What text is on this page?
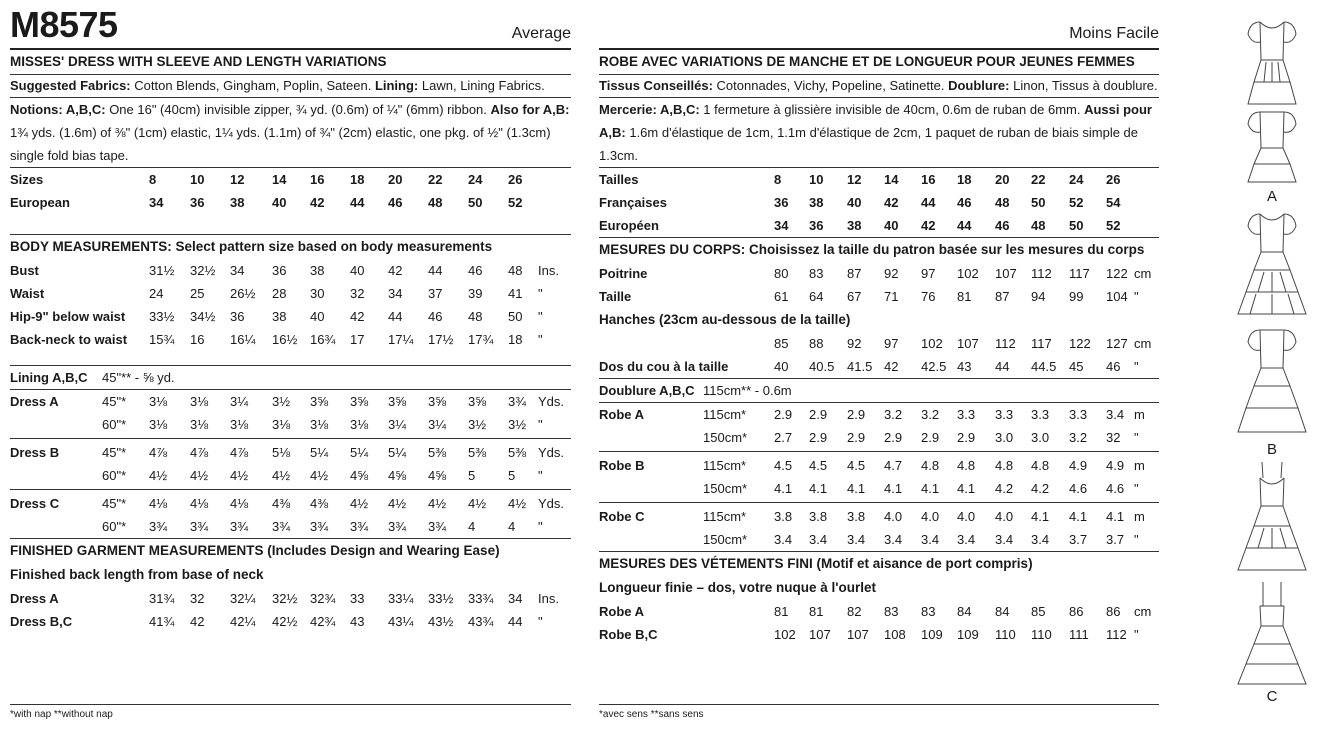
M8575	Average
MISSES' DRESS WITH SLEEVE AND LENGTH VARIATIONS
Suggested Fabrics: Cotton Blends, Gingham, Poplin, Sateen. Lining: Lawn, Lining Fabrics.
Notions: A,B,C: One 16" (40cm) invisible zipper, ¾ yd. (0.6m) of ¼" (6mm) ribbon. Also for A,B:
1¾ yds. (1.6m) of ⅜" (1cm) elastic, 1¼ yds. (1.1m) of ¾" (2cm) elastic, one pkg. of ½" (1.3cm)
single fold bias tape.
Sizes	8	10 12 14 16 18 20 22 24 26
European	34 36 38 40 42 44 46 48 50 52
BODY MEASUREMENTS: Select pattern size based on body measurements
Bust	31½ 32½ 34 36 38 40 42 44 46 48 Ins.
Waist	24 25 26½ 28 30 32 34 37 39 41 "
Hip-9" below waist 33½ 34½ 36 38 40 42 44 46 48 50 "
Back-neck to waist 15¾ 16 16¼ 16½ 16¾ 17 17¼ 17½ 17¾ 18 "
Lining A,B,C 45"** - ⅝ yd.
Dress A	45"* 3⅛ 3⅛ 3¼ 3½ 3⅝ 3⅝ 3⅝ 3⅝ 3⅝ 3¾ Yds.
60"* 3⅛ 3⅛ 3⅛ 3⅛ 3⅛ 3⅛ 3¼ 3¼ 3½ 3½ "
Dress B	45"* 4⅞ 4⅞ 4⅞ 5⅛ 5¼ 5¼ 5¼ 5⅜ 5⅜ 5⅜ Yds.
60"* 4½ 4½ 4½ 4½ 4½ 4⅝ 4⅝ 4⅝ 5	5 "
Dress C	45"* 4⅛ 4⅛ 4⅛ 4⅜ 4⅜ 4½ 4½ 4½ 4½ 4½ Yds.
60"* 3¾ 3¾ 3¾ 3¾ 3¾ 3¾ 3¾ 3¾ 4	4 "
FINISHED GARMENT MEASUREMENTS (Includes Design and Wearing Ease)
Finished back length from base of neck
Dress A	31¾ 32 32¼ 32½ 32¾ 33 33¼ 33½ 33¾ 34 Ins.
Dress B,C	41¾ 42 42¼ 42½ 42¾ 43 43¼ 43½ 43¾ 44 "
*with nap **without nap
Moins Facile
ROBE AVEC VARIATIONS DE MANCHE ET DE LONGUEUR POUR JEUNES FEMMES
Tissus Conseillés: Cotonnades, Vichy, Popeline, Satinette. Doublure: Linon, Tissus à doublure.
Mercerie: A,B,C: 1 fermeture à glissière invisible de 40cm, 0.6m de ruban de 6mm. Aussi pour
A,B: 1.6m d'élastique de 1cm, 1.1m d'élastique de 2cm, 1 paquet de ruban de biais simple de
1.3cm.
Tailles	8 10 12 14 16 18 20 22 24 26
Françaises	36 38 40 42 44 46 48 50 52 54
Européen	34 36 38 40 42 44 46 48 50 52
MESURES DU CORPS: Choisissez la taille du patron basée sur les mesures du corps
Poitrine	80 83 87 92 97 102 107 112 117 122 cm
Taille	61 64 67 71 76 81 87 94 99 104 "
Hanches (23cm au-dessous de la taille)
85 88 92 97 102 107 112 117 122 127 cm
Dos du cou à la taille	40 40.5 41.5 42 42.5 43 44 44.5 45 46 "
Doublure A,B,C 115cm** - 0.6m
Robe A	115cm* 2.9 2.9 2.9 3.2 3.2 3.3 3.3 3.3 3.3 3.4 m
150cm* 2.7 2.9 2.9 2.9 2.9 2.9 3.0 3.0 3.2 32 "
Robe B	115cm* 4.5 4.5 4.5 4.7 4.8 4.8 4.8 4.8 4.9 4.9 m
150cm* 4.1 4.1 4.1 4.1 4.1 4.1 4.2 4.2 4.6 4.6 "
Robe C	115cm* 3.8 3.8 3.8 4.0 4.0 4.0 4.0 4.1 4.1 4.1 m
150cm* 3.4 3.4 3.4 3.4 3.4 3.4 3.4 3.4 3.7 3.7 "
MESURES DES VÉTEMENTS FINI (Motif et aisance de port compris)
Longueur finie – dos, votre nuque à l'ourlet
Robe A	81 81 82 83 83 84 84 85 86 86 cm
Robe B,C	102 107 107 108 109 109 110 110 111 112 "
*avec sens **sans sens
A
B
C
